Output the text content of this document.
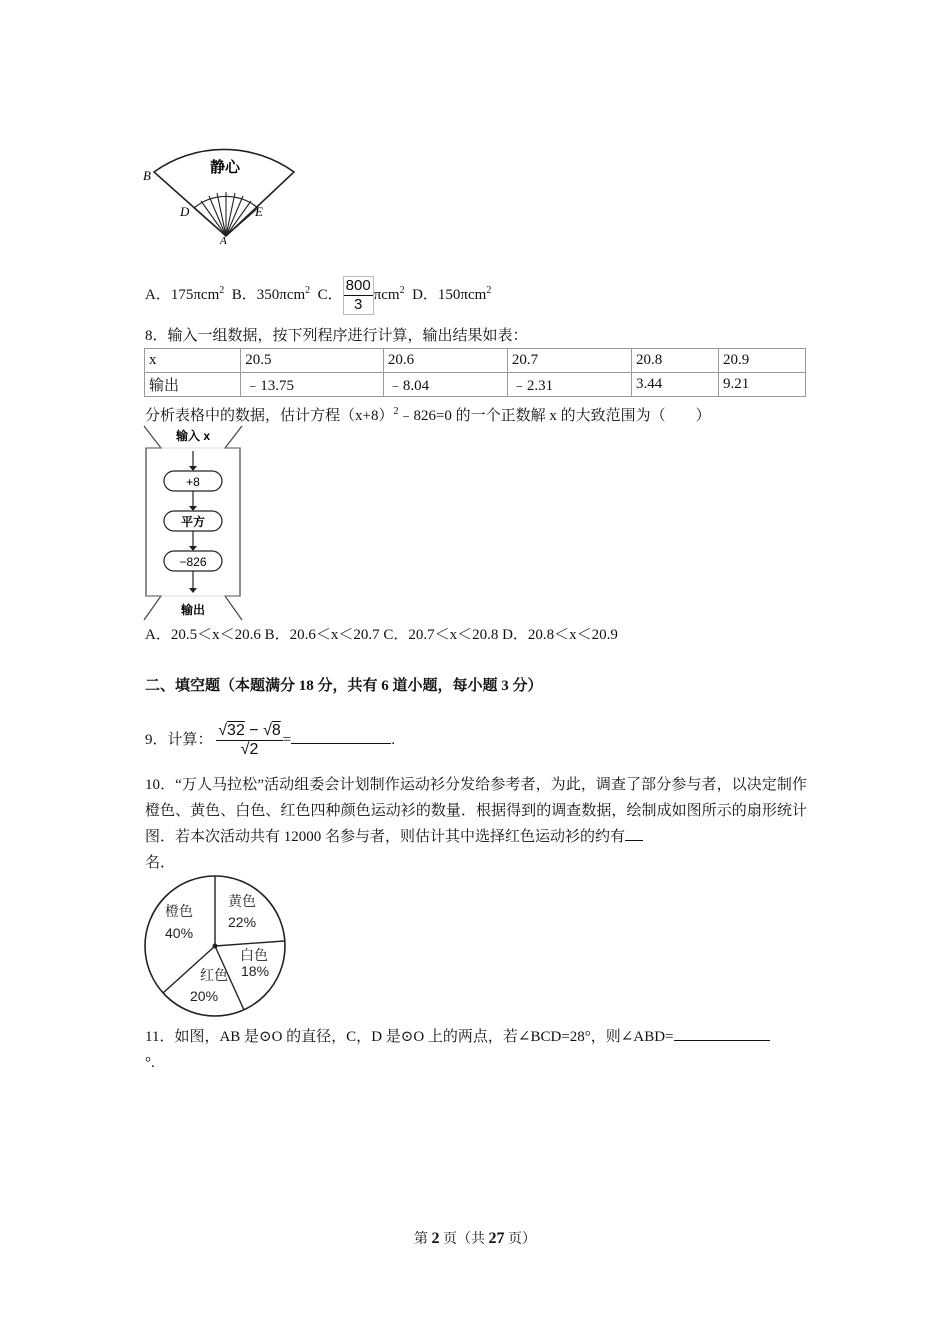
静心
B
D	E
A
A．175πcm$^2$ B．350πcm$^2$ C． $\frac{800}{3} \pi cm^2$ D．150πcm$^2$
8．输入一组数据，按下列程序进行计算，输出结果如表：
x	20.5	20.6	20.7	20.8	20.9
输出	﹣13.75	﹣8.04	﹣2.31	3.44	9.21
分析表格中的数据，估计方程$(x+8)^2﹣826=0$ 的一个正数解 x 的大致范围为（　　）
输入 x
+8
平方
−826
输出
A．20.5＜x＜20.6 B．20.6＜x＜20.7 C．20.7＜x＜20.8 D．20.8＜x＜20.9
二、填空题（本题满分 18 分，共有 6 道小题，每小题 3 分）
9．计算： $\frac{√32 - √8}{√2}$ =	.
10．“万人马拉松”活动组委会计划制作运动衫分发给参考者，为此，调查了部分参与者，以决定制作橙色、黄色、白色、红色四种颜色运动衫的数量．根据得到的调查数据，绘制成如图所示的扇形统计图．若本次活动共有 12000 名参与者，则估计其中选择红色运动衫的约有
名．
橙色
40%
黄色
22%
白色
18%
红色
20%
11．如图，AB 是⊙O 的直径，C，D 是⊙O 上的两点，若∠BCD=28°，则∠ABD=
°.
第 2 页（共 27 页）
